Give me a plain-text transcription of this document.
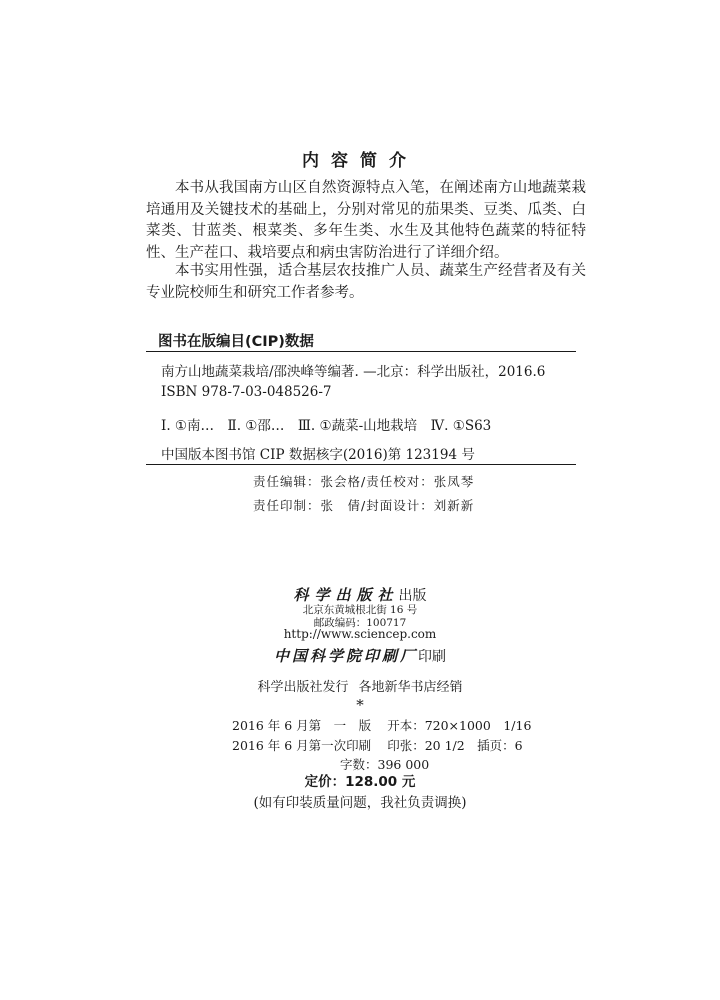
内容简介

本书从我国南方山区自然资源特点入笔，在阐述南方山地蔬菜栽培通用及关键技术的基础上，分别对常见的茄果类、豆类、瓜类、白菜类、甘蓝类、根菜类、多年生类、水生及其他特色蔬菜的特征特性、生产茬口、栽培要点和病虫害防治进行了详细介绍。

本书实用性强，适合基层农技推广人员、蔬菜生产经营者及有关专业院校师生和研究工作者参考。

图书在版编目(CIP)数据
南方山地蔬菜栽培/邵泱峰等编著. —北京：科学出版社，2016.6
ISBN 978-7-03-048526-7
Ⅰ. ①南…　Ⅱ. ①邵…　Ⅲ. ①蔬菜-山地栽培　Ⅳ. ①S63
中国版本图书馆 CIP 数据核字(2016)第 123194 号
责任编辑：张会格/责任校对：张凤琴
责任印制：张　倩/封面设计：刘新新
科学出版社出版
北京东黄城根北街 16 号
邮政编码：100717
http://www.sciencep.com
中国科学院印刷厂印刷
科学出版社发行 各地新华书店经销
*
2016 年 6 月第　一　版 开本：720×1000　1/16
2016 年 6 月第一次印刷 印张：20 1/2　插页：6
字数：396 000
定价：128.00 元
(如有印装质量问题，我社负责调换)
